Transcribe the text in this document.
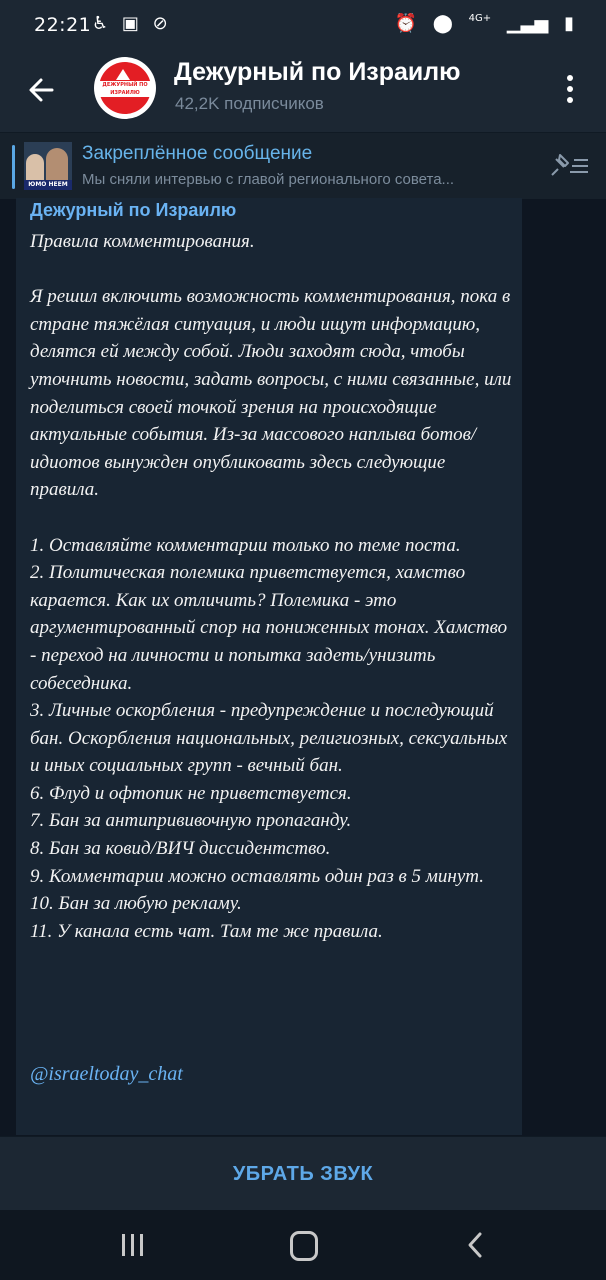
22:21 ♿ ▣ ⊘	⏰ ⬤ $^{4G+}$ ▁▃▅ ▮
ДЕЖУРНЫЙ ПО ИЗРАИЛЮ
Дежурный по Израилю
42,2K подписчиков
ЮМО НЕЕМ
Закреплённое сообщение
Мы сняли интервью с главой регионального совета...
Дежурный по Израилю
Правила комментирования.

Я решил включить возможность комментирования, пока в стране тяжёлая ситуация, и люди ищут информацию, делятся ей между собой. Люди заходят сюда, чтобы уточнить новости, задать вопросы, с ними связанные, или поделиться своей точкой зрения на происходящие актуальные события. Из-за массового наплыва ботов/идиотов вынужден опубликовать здесь следующие правила.

1. Оставляйте комментарии только по теме поста.
2. Политическая полемика приветствуется, хамство карается. Как их отличить? Полемика - это аргументированный спор на пониженных тонах. Хамство - переход на личности и попытка задеть/унизить собеседника.
3. Личные оскорбления - предупреждение и последующий бан. Оскорбления национальных, религиозных, сексуальных и иных социальных групп - вечный бан.
6. Флуд и офтопик не приветствуется.
7. Бан за антипрививочную пропаганду.
8. Бан за ковид/ВИЧ диссидентство.
9. Комментарии можно оставлять один раз в 5 минут.
10. Бан за любую рекламу.
11. У канала есть чат. Там те же правила.
@israeltoday_chat
УБРАТЬ ЗВУК
